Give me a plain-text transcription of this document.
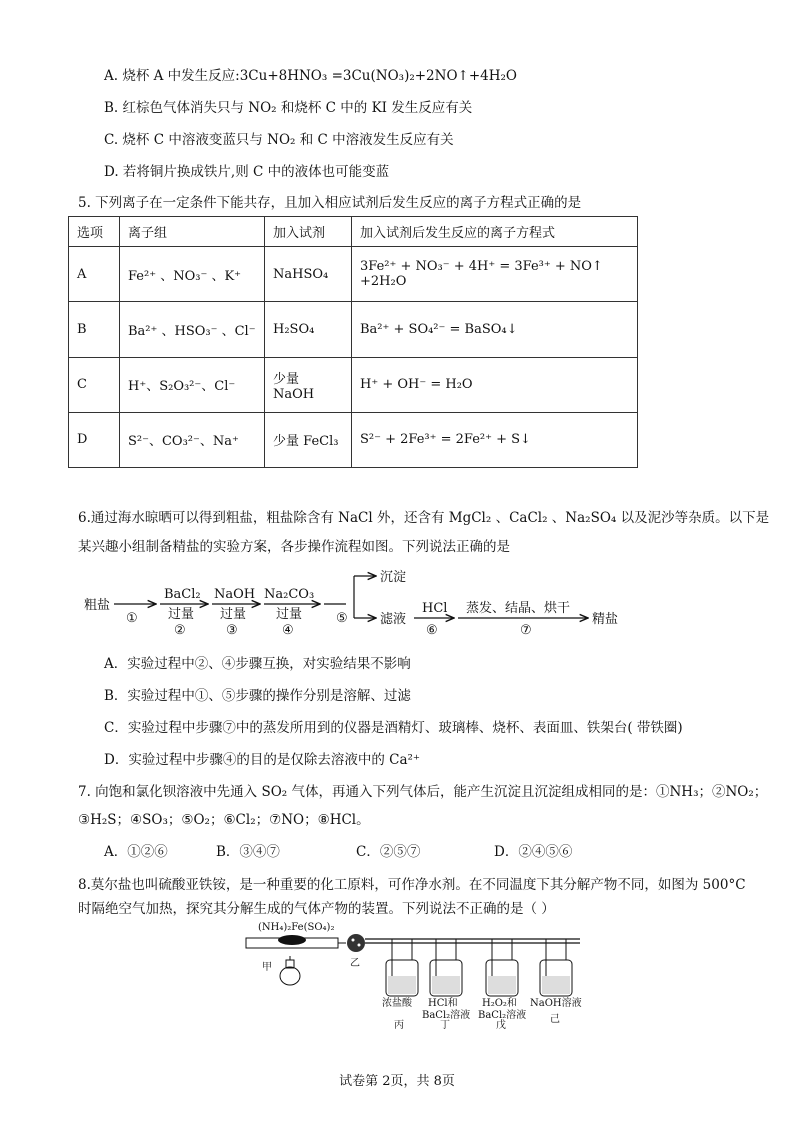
A. 烧杯 A 中发生反应:3Cu+8HNO₃ =3Cu(NO₃)₂+2NO↑+4H₂O
B. 红棕色气体消失只与 NO₂ 和烧杯 C 中的 KI 发生反应有关
C. 烧杯 C 中溶液变蓝只与 NO₂ 和 C 中溶液发生反应有关
D. 若将铜片换成铁片,则 C 中的液体也可能变蓝
5. 下列离子在一定条件下能共存，且加入相应试剂后发生反应的离子方程式正确的是
选项	离子组	加入试剂	加入试剂后发生反应的离子方程式
A	Fe²⁺ 、NO₃⁻ 、K⁺	NaHSO₄	3Fe²⁺ + NO₃⁻ + 4H⁺ = 3Fe³⁺ + NO↑ +2H₂O
B	Ba²⁺ 、HSO₃⁻ 、Cl⁻	H₂SO₄	Ba²⁺ + SO₄²⁻ = BaSO₄↓
C	H⁺、S₂O₃²⁻、Cl⁻	少量 NaOH	H⁺ + OH⁻ = H₂O
D	S²⁻、CO₃²⁻、Na⁺	少量 FeCl₃	S²⁻ + 2Fe³⁺ = 2Fe²⁺ + S↓
6.通过海水晾晒可以得到粗盐，粗盐除含有 NaCl 外，还含有 MgCl₂ 、CaCl₂ 、Na₂SO₄ 以及泥沙等杂质。以下是
某兴趣小组制备精盐的实验方案，各步操作流程如图。下列说法正确的是
粗盐
①
BaCl₂
过量
②
NaOH
过量
③
Na₂CO₃
过量
④
⑤
沉淀
滤液
HCl
⑥
蒸发、结晶、烘干
⑦
精盐
A．实验过程中②、④步骤互换，对实验结果不影响
B．实验过程中①、⑤步骤的操作分别是溶解、过滤
C．实验过程中步骤⑦中的蒸发所用到的仪器是酒精灯、玻璃棒、烧杯、表面皿、铁架台( 带铁圈)
D．实验过程中步骤④的目的是仅除去溶液中的 Ca²⁺
7. 向饱和氯化钡溶液中先通入 SO₂ 气体，再通入下列气体后，能产生沉淀且沉淀组成相同的是：①NH₃；②NO₂；
③H₂S；④SO₃；⑤O₂；⑥Cl₂；⑦NO；⑧HCl。
A．①②⑥	B．③④⑦	C．②⑤⑦	D．②④⑤⑥
8.莫尔盐也叫硫酸亚铁铵，是一种重要的化工原料，可作净水剂。在不同温度下其分解产物不同，如图为 500°C
时隔绝空气加热，探究其分解生成的气体产物的装置。下列说法不正确的是（ ）
(NH₄)₂Fe(SO₄)₂
甲	乙
浓盐酸
丙
HCl和
BaCl₂溶液
丁
H₂O₂和
BaCl₂溶液
戊
NaOH溶液
己
试卷第 2页，共 8页
